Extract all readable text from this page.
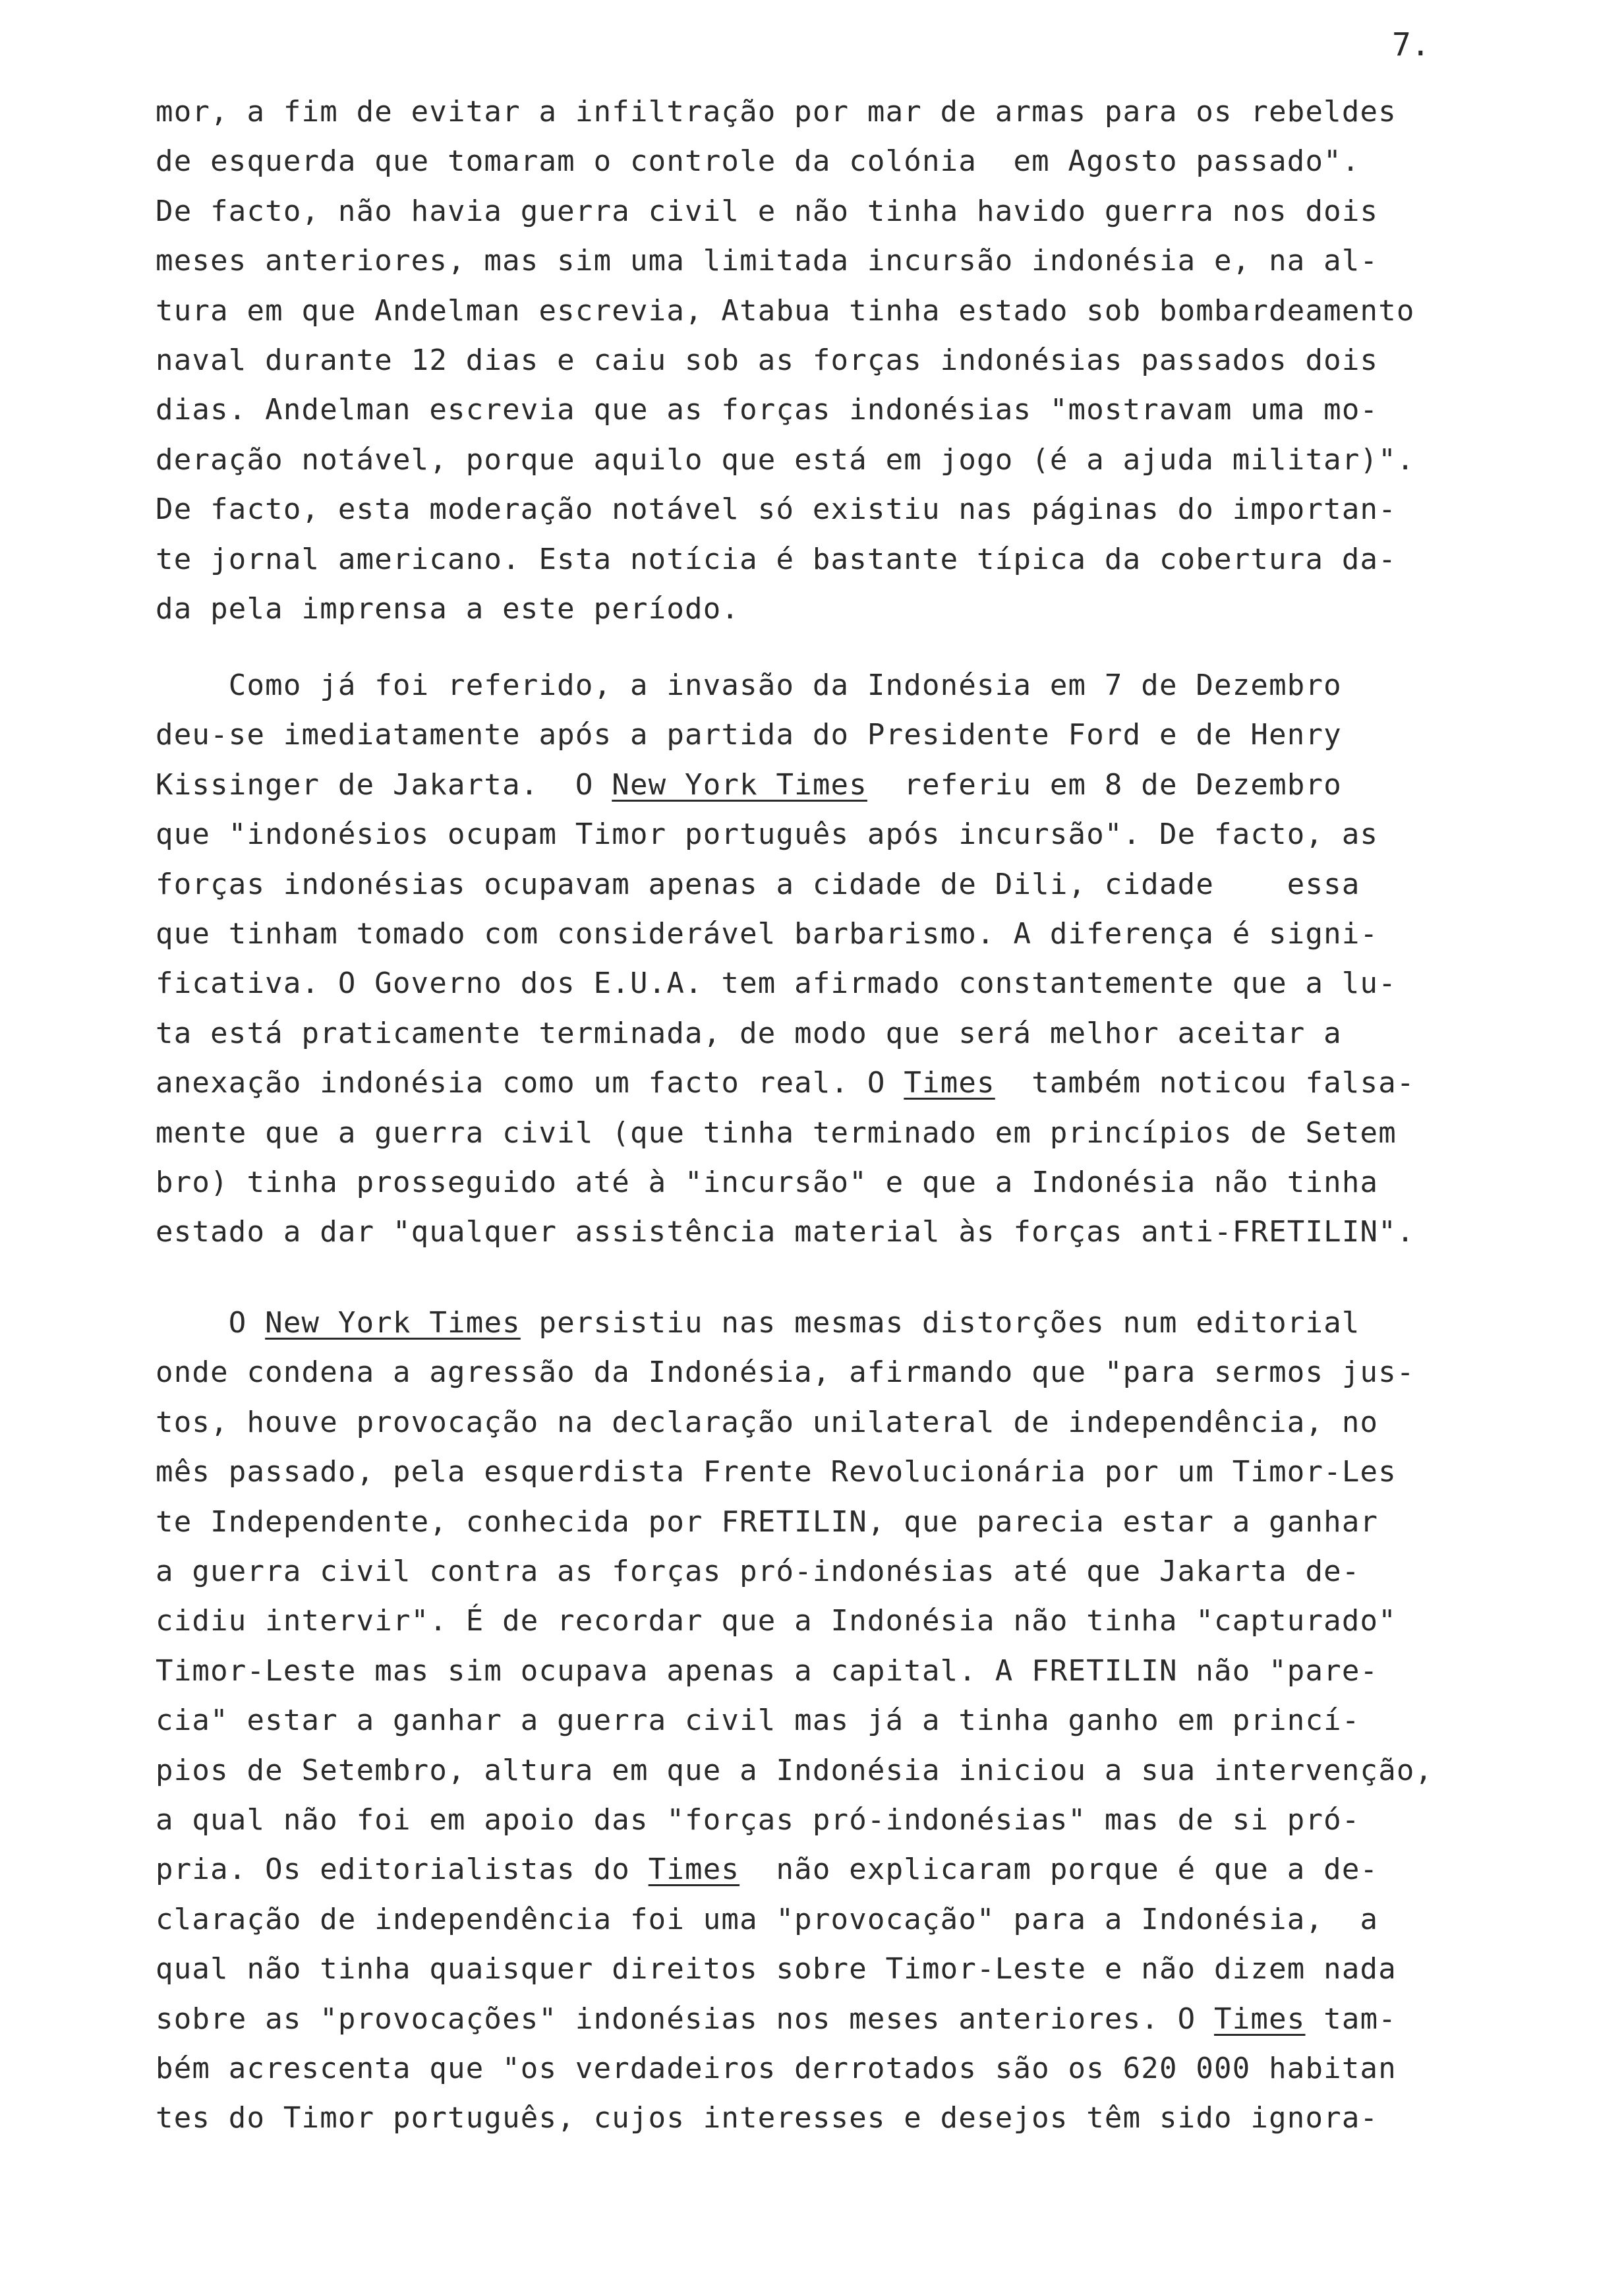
7.
mor, a fim de evitar a infiltração por mar de armas para os rebeldes
de esquerda que tomaram o controle da colónia  em Agosto passado".
De facto, não havia guerra civil e não tinha havido guerra nos dois
meses anteriores, mas sim uma limitada incursão indonésia e, na al-
tura em que Andelman escrevia, Atabua tinha estado sob bombardeamento
naval durante 12 dias e caiu sob as forças indonésias passados dois
dias. Andelman escrevia que as forças indonésias "mostravam uma mo-
deração notável, porque aquilo que está em jogo (é a ajuda militar)".
De facto, esta moderação notável só existiu nas páginas do importan-
te jornal americano. Esta notícia é bastante típica da cobertura da-
da pela imprensa a este período.
Como já foi referido, a invasão da Indonésia em 7 de Dezembro
deu-se imediatamente após a partida do Presidente Ford e de Henry
Kissinger de Jakarta.  O New York Times  referiu em 8 de Dezembro
que "indonésios ocupam Timor português após incursão". De facto, as
forças indonésias ocupavam apenas a cidade de Dili, cidade    essa
que tinham tomado com considerável barbarismo. A diferença é signi-
ficativa. O Governo dos E.U.A. tem afirmado constantemente que a lu-
ta está praticamente terminada, de modo que será melhor aceitar a
anexação indonésia como um facto real. O Times  também noticou falsa-
mente que a guerra civil (que tinha terminado em princípios de Setem
bro) tinha prosseguido até à "incursão" e que a Indonésia não tinha
estado a dar "qualquer assistência material às forças anti-FRETILIN".
O New York Times persistiu nas mesmas distorções num editorial
onde condena a agressão da Indonésia, afirmando que "para sermos jus-
tos, houve provocação na declaração unilateral de independência, no
mês passado, pela esquerdista Frente Revolucionária por um Timor-Les
te Independente, conhecida por FRETILIN, que parecia estar a ganhar
a guerra civil contra as forças pró-indonésias até que Jakarta de-
cidiu intervir". É de recordar que a Indonésia não tinha "capturado"
Timor-Leste mas sim ocupava apenas a capital. A FRETILIN não "pare-
cia" estar a ganhar a guerra civil mas já a tinha ganho em princí-
pios de Setembro, altura em que a Indonésia iniciou a sua intervenção,
a qual não foi em apoio das "forças pró-indonésias" mas de si pró-
pria. Os editorialistas do Times  não explicaram porque é que a de-
claração de independência foi uma "provocação" para a Indonésia,  a
qual não tinha quaisquer direitos sobre Timor-Leste e não dizem nada
sobre as "provocações" indonésias nos meses anteriores. O Times tam-
bém acrescenta que "os verdadeiros derrotados são os 620 000 habitan
tes do Timor português, cujos interesses e desejos têm sido ignora-
